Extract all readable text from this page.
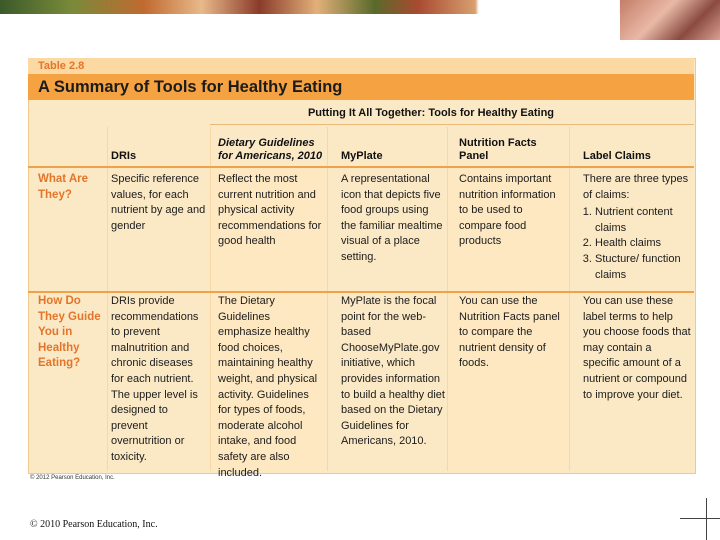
Table 2.8
A Summary of Tools for Healthy Eating
Putting It All Together: Tools for Healthy Eating
DRIs
Dietary Guidelines for Americans, 2010	MyPlate
Nutrition Facts Panel	Label Claims
What Are They?
Specific reference values, for each nutrient by age and gender
Reflect the most current nutrition and physical activity recommendations for good health
A representational icon that depicts five food groups using the familiar mealtime visual of a place setting.
Contains important nutrition information to be used to compare food products
There are three types of claims:
1. Nutrient content claims
2. Health claims
3. Stucture/ function claims
How Do They Guide You in Healthy Eating?
DRIs provide recommendations to prevent malnutrition and chronic diseases for each nutrient. The upper level is designed to prevent overnutrition or toxicity.
The Dietary Guidelines emphasize healthy food choices, maintaining healthy weight, and physical activity. Guidelines for types of foods, moderate alcohol intake, and food safety are also included.
MyPlate is the focal point for the web-based ChooseMyPlate.gov initiative, which provides information to build a healthy diet based on the Dietary Guidelines for Americans, 2010.
You can use the Nutrition Facts panel to compare the nutrient density of foods.
You can use these label terms to help you choose foods that may contain a specific amount of a nutrient or compound to improve your diet.
© 2012 Pearson Education, Inc.
© 2010 Pearson Education, Inc.
